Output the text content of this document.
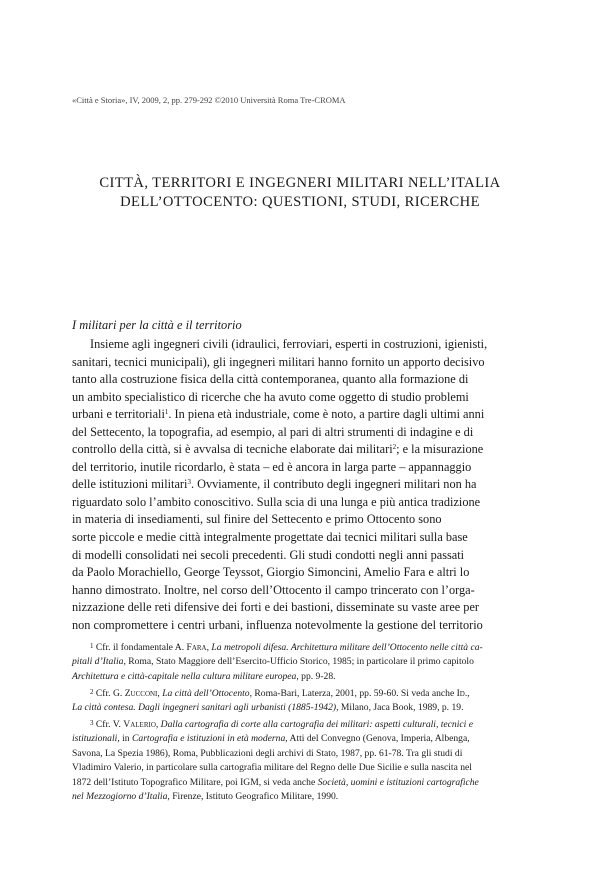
«Città e Storia», IV, 2009, 2, pp. 279-292 ©2010 Università Roma Tre-CROMA
CITTÀ, TERRITORI E INGEGNERI MILITARI NELL’ITALIA
DELL’OTTOCENTO: QUESTIONI, STUDI, RICERCHE
I militari per la città e il territorio
Insieme agli ingegneri civili (idraulici, ferroviari, esperti in costruzioni, igienisti,
sanitari, tecnici municipali), gli ingegneri militari hanno fornito un apporto decisivo
tanto alla costruzione fisica della città contemporanea, quanto alla formazione di
un ambito specialistico di ricerche che ha avuto come oggetto di studio problemi
urbani e territoriali$^1$. In piena età industriale, come è noto, a partire dagli ultimi anni
del Settecento, la topografia, ad esempio, al pari di altri strumenti di indagine e di
controllo della città, si è avvalsa di tecniche elaborate dai militari$^2$; e la misurazione
del territorio, inutile ricordarlo, è stata – ed è ancora in larga parte – appannaggio
delle istituzioni militari$^3$. Ovviamente, il contributo degli ingegneri militari non ha
riguardato solo l’ambito conoscitivo. Sulla scia di una lunga e più antica tradizione
in materia di insediamenti, sul finire del Settecento e primo Ottocento sono
sorte piccole e medie città integralmente progettate dai tecnici militari sulla base
di modelli consolidati nei secoli precedenti. Gli studi condotti negli anni passati
da Paolo Morachiello, George Teyssot, Giorgio Simoncini, Amelio Fara e altri lo
hanno dimostrato. Inoltre, nel corso dell’Ottocento il campo trincerato con l’orga-
nizzazione delle reti difensive dei forti e dei bastioni, disseminate su vaste aree per
non compromettere i centri urbani, influenza notevolmente la gestione del territorio
$^1$ Cfr. il fondamentale A. Fara, La metropoli difesa. Architettura militare dell’Ottocento nelle città ca-
pitali d’Italia, Roma, Stato Maggiore dell’Esercito-Ufficio Storico, 1985; in particolare il primo capitolo
Architettura e città-capitale nella cultura militare europea , pp. 9-28.
$^2$ Cfr. G. Zucconi, La città dell’Ottocento, Roma-Bari, Laterza, 2001, pp. 59-60. Si veda anche Id.,
La città contesa. Dagli ingegneri sanitari agli urbanisti (1885-1942) , Milano, Jaca Book, 1989, p. 19.
$^3$ Cfr. V. Valerio, Dalla cartografia di corte alla cartografia dei militari: aspetti culturali, tecnici e
istituzionali, in Cartografia e istituzioni in età moderna, Atti del Convegno (Genova, Imperia, Albenga,
Savona, La Spezia 1986), Roma, Pubblicazioni degli archivi di Stato, 1987, pp. 61-78. Tra gli studi di
Vladimiro Valerio, in particolare sulla cartografia militare del Regno delle Due Sicilie e sulla nascita nel
1872 dell’Istituto Topografico Militare, poi IGM, si veda anche Società, uomini e istituzioni cartografiche
nel Mezzogiorno d’Italia , Firenze, Istituto Geografico Militare, 1990.
